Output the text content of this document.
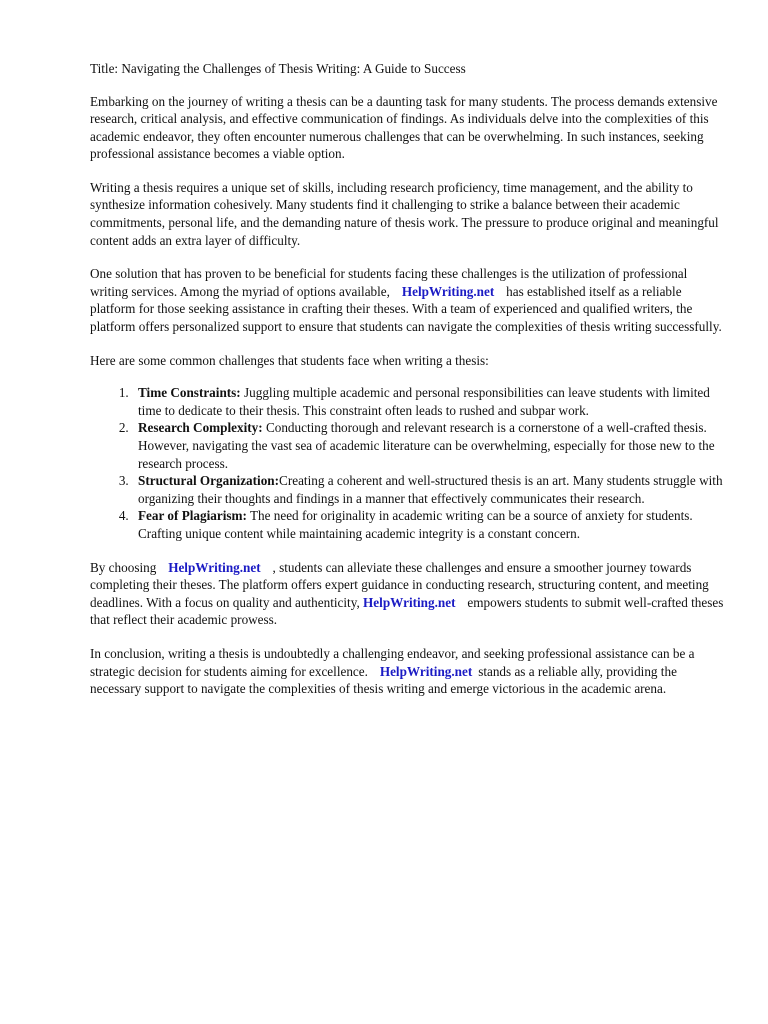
Title: Navigating the Challenges of Thesis Writing: A Guide to Success

Embarking on the journey of writing a thesis can be a daunting task for many students. The process demands extensive research, critical analysis, and effective communication of findings. As individuals delve into the complexities of this academic endeavor, they often encounter numerous challenges that can be overwhelming. In such instances, seeking professional assistance becomes a viable option.

Writing a thesis requires a unique set of skills, including research proficiency, time management, and the ability to synthesize information cohesively. Many students find it challenging to strike a balance between their academic commitments, personal life, and the demanding nature of thesis work. The pressure to produce original and meaningful content adds an extra layer of difficulty.

One solution that has proven to be beneficial for students facing these challenges is the utilization of professional writing services. Among the myriad of options available, HelpWriting.net has established itself as a reliable platform for those seeking assistance in crafting their theses. With a team of experienced and qualified writers, the platform offers personalized support to ensure that students can navigate the complexities of thesis writing successfully.

Here are some common challenges that students face when writing a thesis:

1. Time Constraints: Juggling multiple academic and personal responsibilities can leave students with limited time to dedicate to their thesis. This constraint often leads to rushed and subpar work.
2. Research Complexity: Conducting thorough and relevant research is a cornerstone of a well-crafted thesis. However, navigating the vast sea of academic literature can be overwhelming, especially for those new to the research process.
3. Structural Organization:Creating a coherent and well-structured thesis is an art. Many students struggle with organizing their thoughts and findings in a manner that effectively communicates their research.
4. Fear of Plagiarism: The need for originality in academic writing can be a source of anxiety for students. Crafting unique content while maintaining academic integrity is a constant concern.

By choosing HelpWriting.net , students can alleviate these challenges and ensure a smoother journey towards completing their theses. The platform offers expert guidance in conducting research, structuring content, and meeting deadlines. With a focus on quality and authenticity, HelpWriting.net empowers students to submit well-crafted theses that reflect their academic prowess.

In conclusion, writing a thesis is undoubtedly a challenging endeavor, and seeking professional assistance can be a strategic decision for students aiming for excellence. HelpWriting.net stands as a reliable ally, providing the necessary support to navigate the complexities of thesis writing and emerge victorious in the academic arena.
